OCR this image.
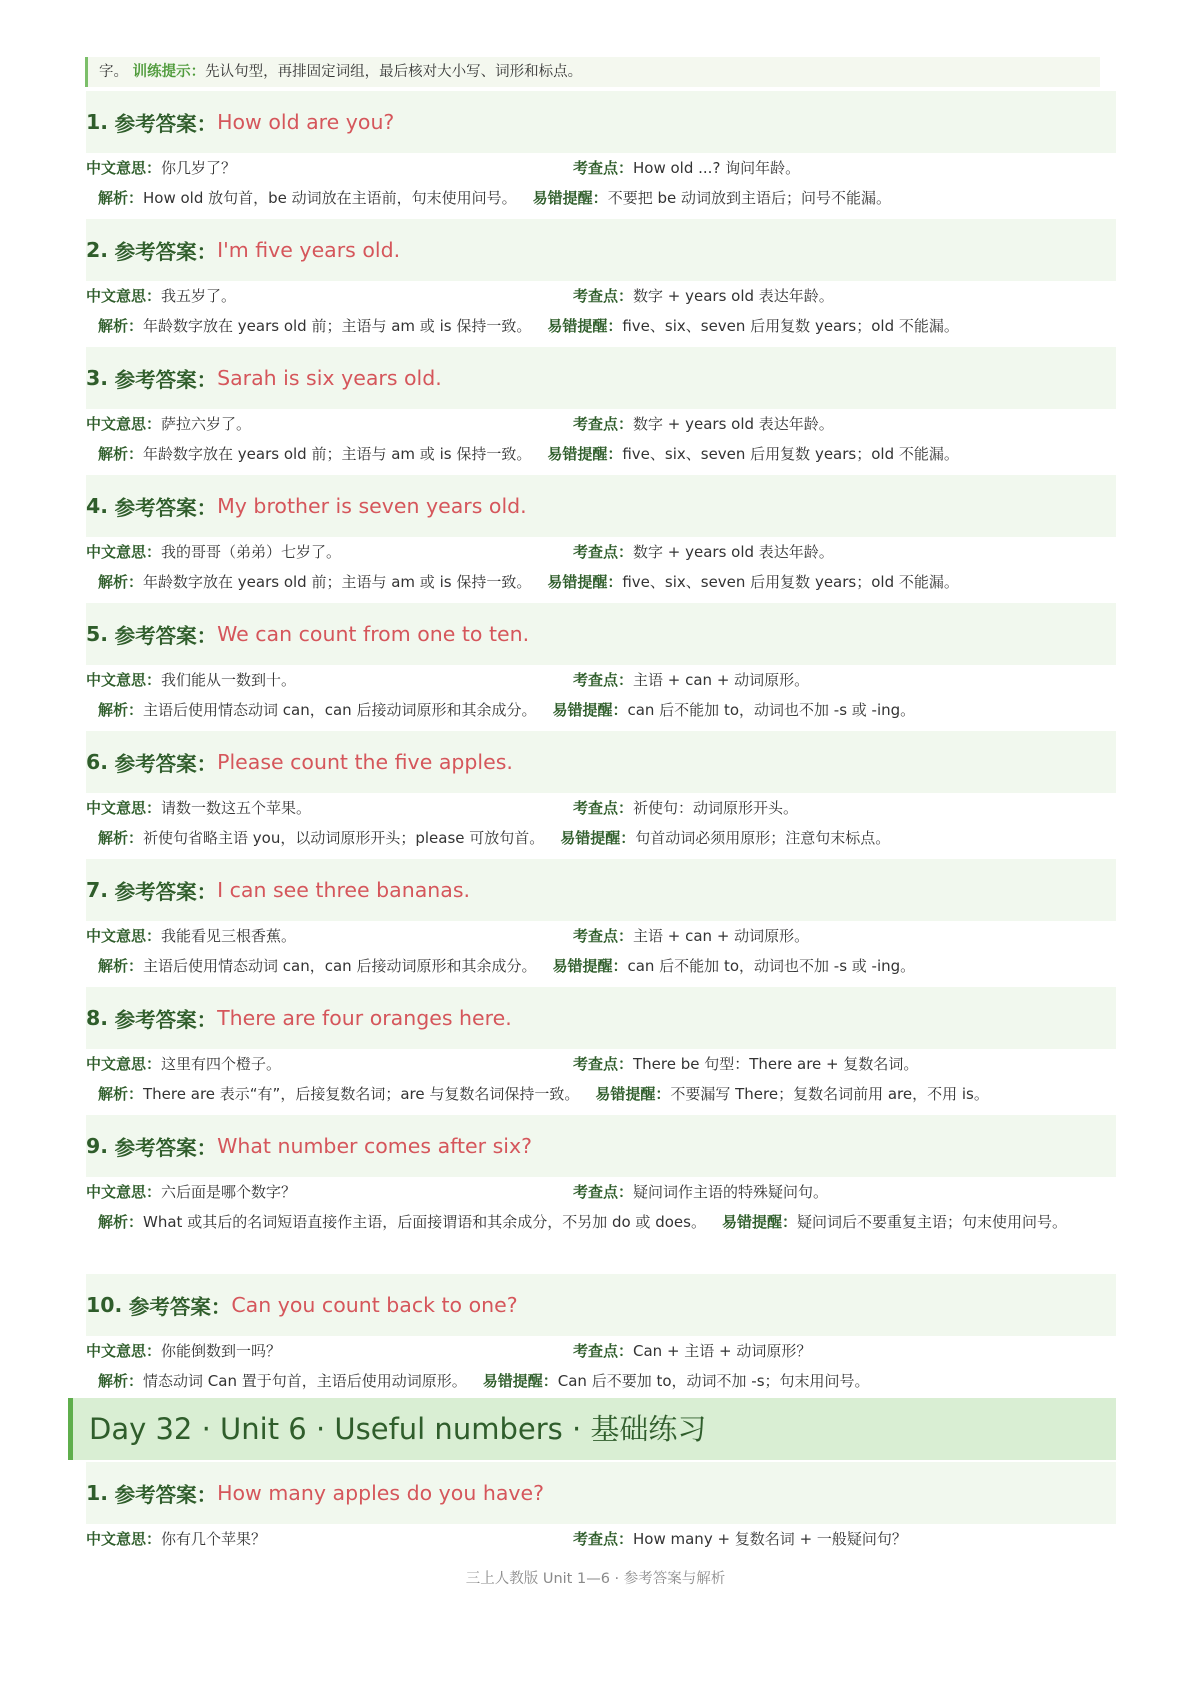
字。 训练提示：先认句型，再排固定词组，最后核对大小写、词形和标点。
1.
参考答案： How old are you?
中文意思：你几岁了？	考查点：How old ...? 询问年龄。
解析：How old 放句首，be 动词放在主语前，句末使用问号。 易错提醒：不要把 be 动词放到主语后；问号不能漏。
2.
参考答案： I'm five years old.
中文意思：我五岁了。	考查点：数字 + years old 表达年龄。
解析：年龄数字放在 years old 前；主语与 am 或 is 保持一致。 易错提醒：five、six、seven 后用复数 years；old 不能漏。
3.
参考答案： Sarah is six years old.
中文意思：萨拉六岁了。	考查点：数字 + years old 表达年龄。
解析：年龄数字放在 years old 前；主语与 am 或 is 保持一致。 易错提醒：five、six、seven 后用复数 years；old 不能漏。
4.
参考答案： My brother is seven years old.
中文意思：我的哥哥（弟弟）七岁了。	考查点：数字 + years old 表达年龄。
解析：年龄数字放在 years old 前；主语与 am 或 is 保持一致。 易错提醒：five、six、seven 后用复数 years；old 不能漏。
5.
参考答案： We can count from one to ten.
中文意思：我们能从一数到十。	考查点：主语 + can + 动词原形。
解析：主语后使用情态动词 can，can 后接动词原形和其余成分。 易错提醒：can 后不能加 to，动词也不加 -s 或 -ing。
6.
参考答案： Please count the five apples.
中文意思：请数一数这五个苹果。	考查点：祈使句：动词原形开头。
解析：祈使句省略主语 you，以动词原形开头；please 可放句首。 易错提醒：句首动词必须用原形；注意句末标点。
7.
参考答案： I can see three bananas.
中文意思：我能看见三根香蕉。	考查点：主语 + can + 动词原形。
解析：主语后使用情态动词 can，can 后接动词原形和其余成分。 易错提醒：can 后不能加 to，动词也不加 -s 或 -ing。
8.
参考答案： There are four oranges here.
中文意思：这里有四个橙子。	考查点：There be 句型：There are + 复数名词。
解析：There are 表示“有”，后接复数名词；are 与复数名词保持一致。 易错提醒：不要漏写 There；复数名词前用 are，不用 is。
9.
参考答案： What number comes after six?
中文意思：六后面是哪个数字？	考查点：疑问词作主语的特殊疑问句。
解析：What 或其后的名词短语直接作主语，后面接谓语和其余成分，不另加 do 或 does。 易错提醒：疑问词后不要重复主语；句末使用问号。
10.
参考答案： Can you count back to one?
中文意思：你能倒数到一吗？	考查点：Can + 主语 + 动词原形？
解析：情态动词 Can 置于句首，主语后使用动词原形。 易错提醒：Can 后不要加 to，动词不加 -s；句末用问号。
Day 32 · Unit 6 · Useful numbers · 基础练习
1.
参考答案： How many apples do you have?
中文意思：你有几个苹果？	考查点：How many + 复数名词 + 一般疑问句？
三上人教版 Unit 1—6 · 参考答案与解析
